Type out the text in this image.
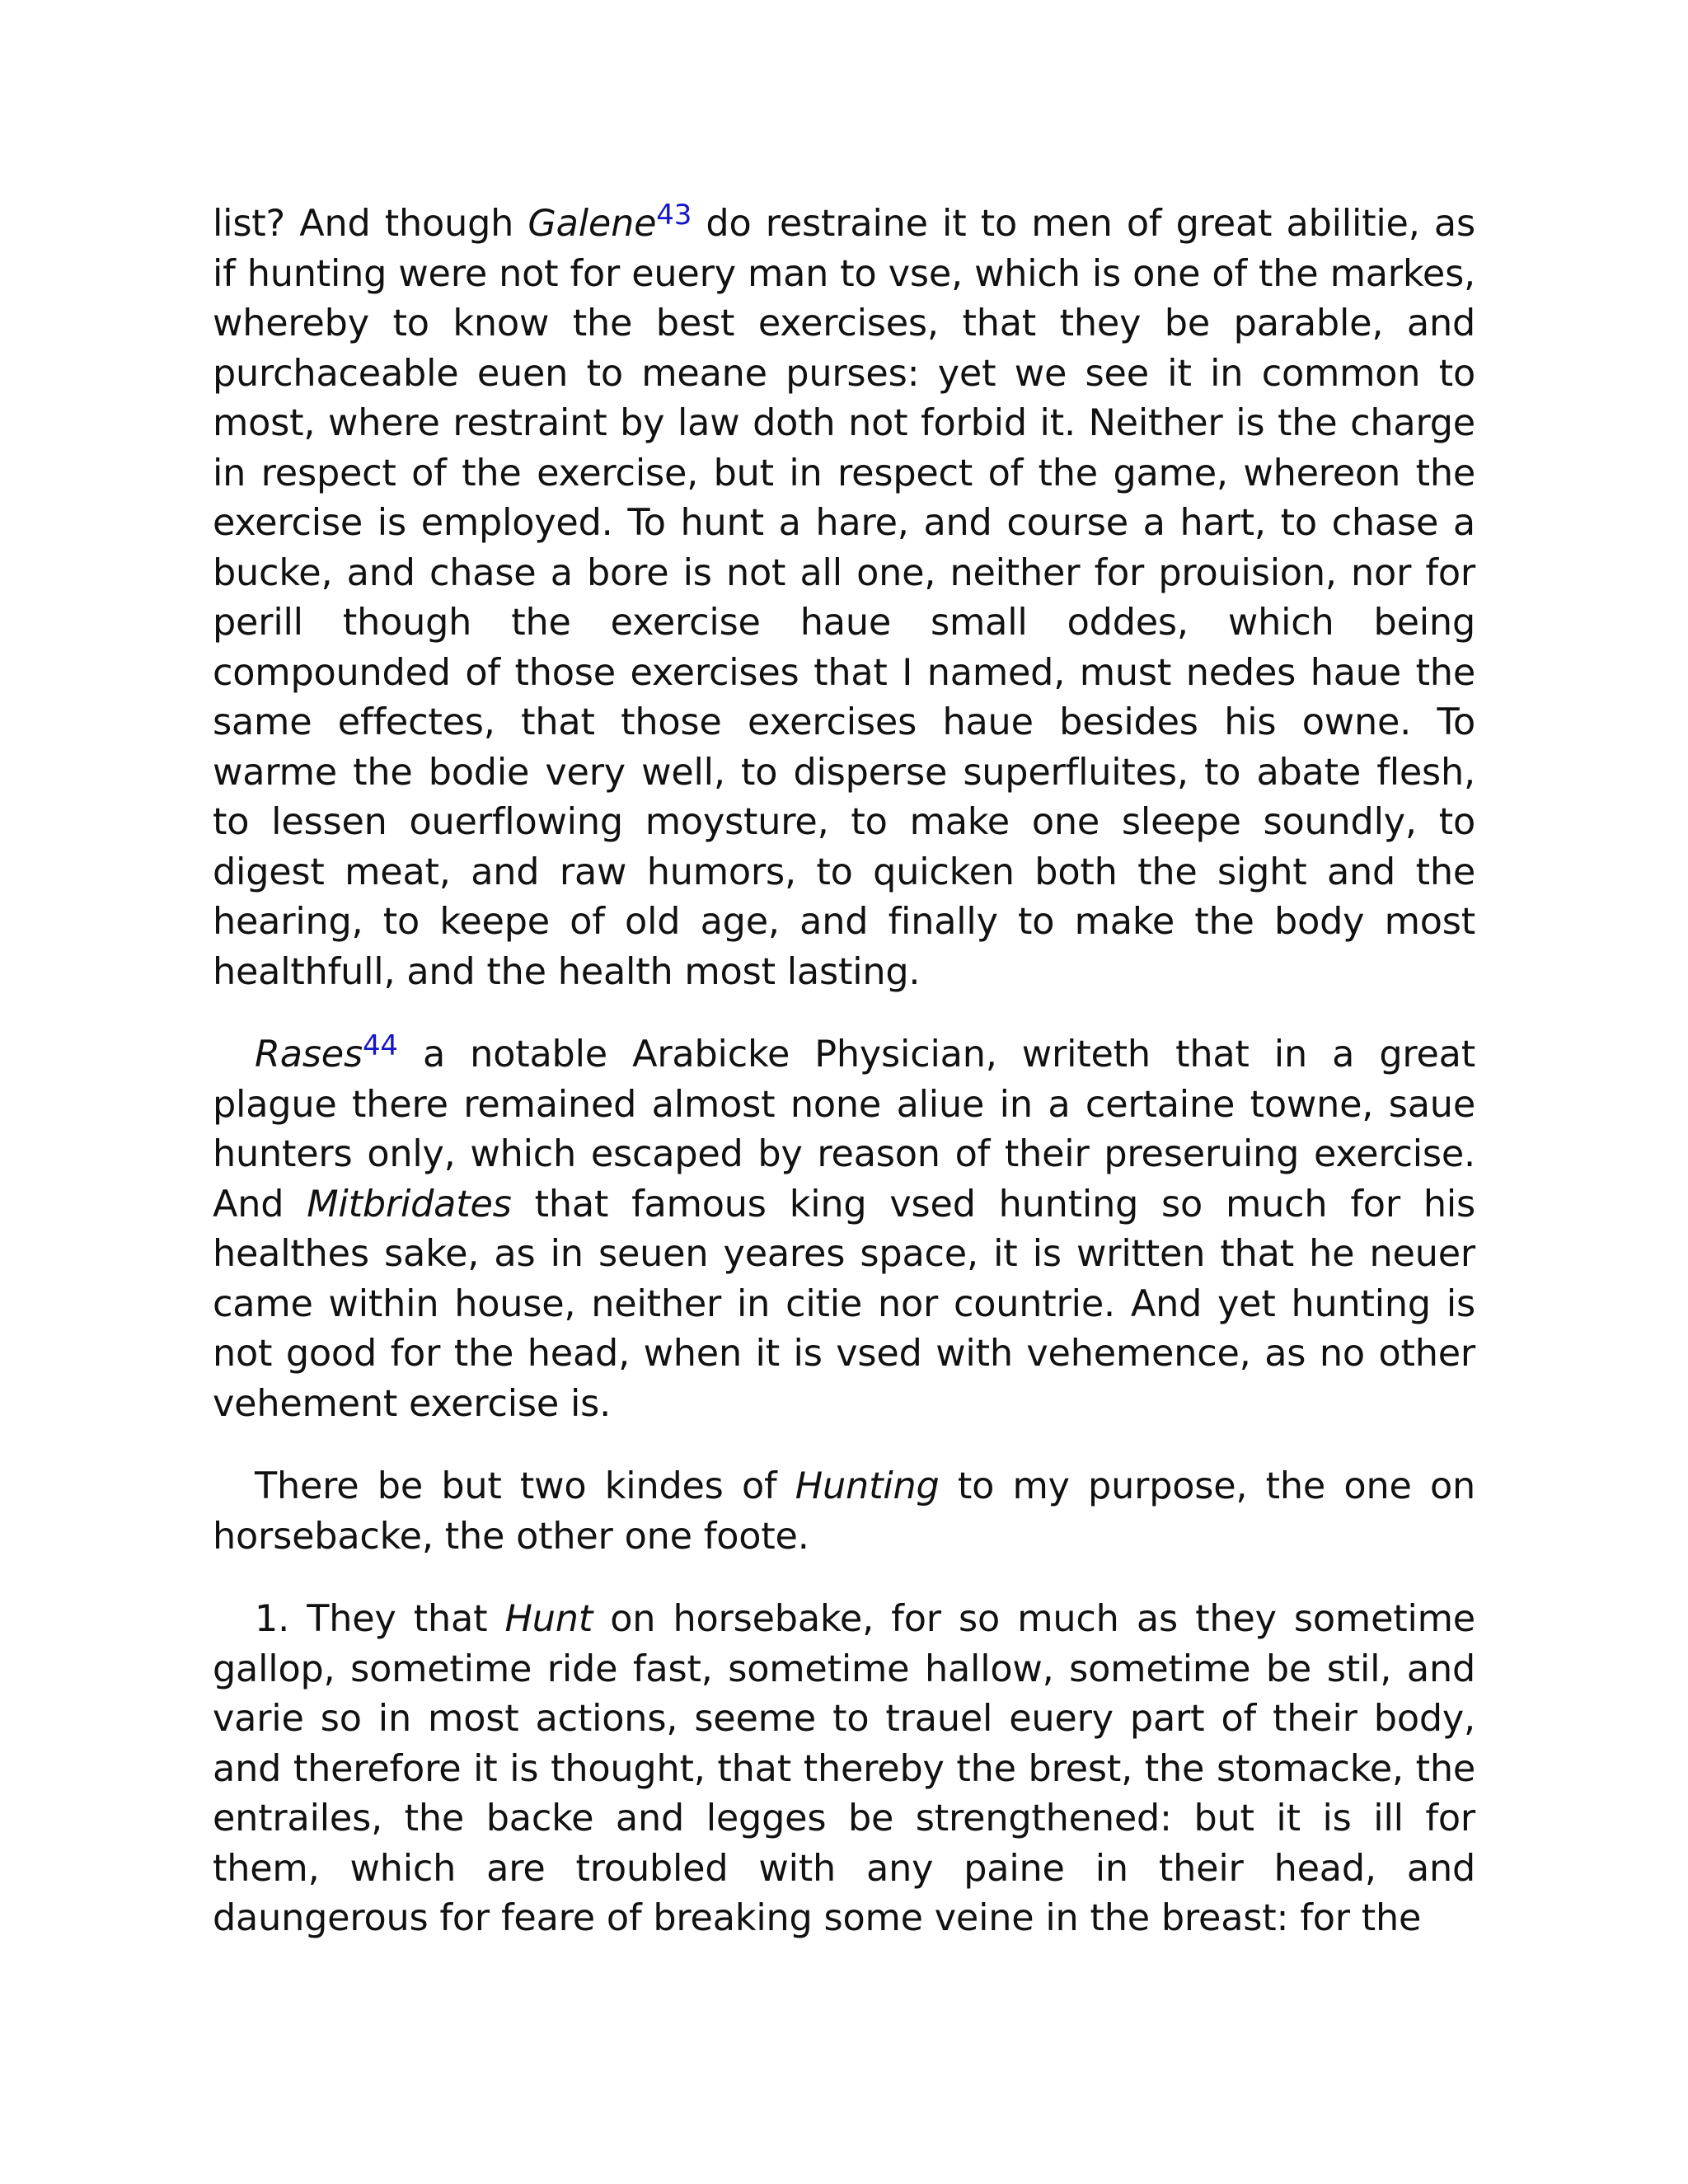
list? And though Galene$^{43}$ do restraine it to men of great abilitie, as if hunting were not for euery man to vse, which is one of the markes, whereby to know the best exercises, that they be parable, and purchaceable euen to meane purses: yet we see it in common to most, where restraint by law doth not forbid it. Neither is the charge in respect of the exercise, but in respect of the game, whereon the exercise is employed. To hunt a hare, and course a hart, to chase a bucke, and chase a bore is not all one, neither for prouision, nor for perill though the exercise haue small oddes, which being compounded of those exercises that I named, must nedes haue the same effectes, that those exercises haue besides his owne. To warme the bodie very well, to disperse superfluites, to abate flesh, to lessen ouerflowing moysture, to make one sleepe soundly, to digest meat, and raw humors, to quicken both the sight and the hearing, to keepe of old age, and finally to make the body most healthfull, and the health most lasting.

Rases$^{44}$ a notable Arabicke Physician, writeth that in a great plague there remained almost none aliue in a certaine towne, saue hunters only, which escaped by reason of their preseruing exercise. And Mitbridates that famous king vsed hunting so much for his healthes sake, as in seuen yeares space, it is written that he neuer came within house, neither in citie nor countrie. And yet hunting is not good for the head, when it is vsed with vehemence, as no other vehement exercise is.

There be but two kindes of Hunting to my purpose, the one on horsebacke, the other one foote.

1. They that Hunt on horsebake, for so much as they sometime gallop, sometime ride fast, sometime hallow, sometime be stil, and varie so in most actions, seeme to trauel euery part of their body, and therefore it is thought, that thereby the brest, the stomacke, the entrailes, the backe and legges be strengthened: but it is ill for them, which are troubled with any paine in their head, and daungerous for feare of breaking some veine in the breast: for the
